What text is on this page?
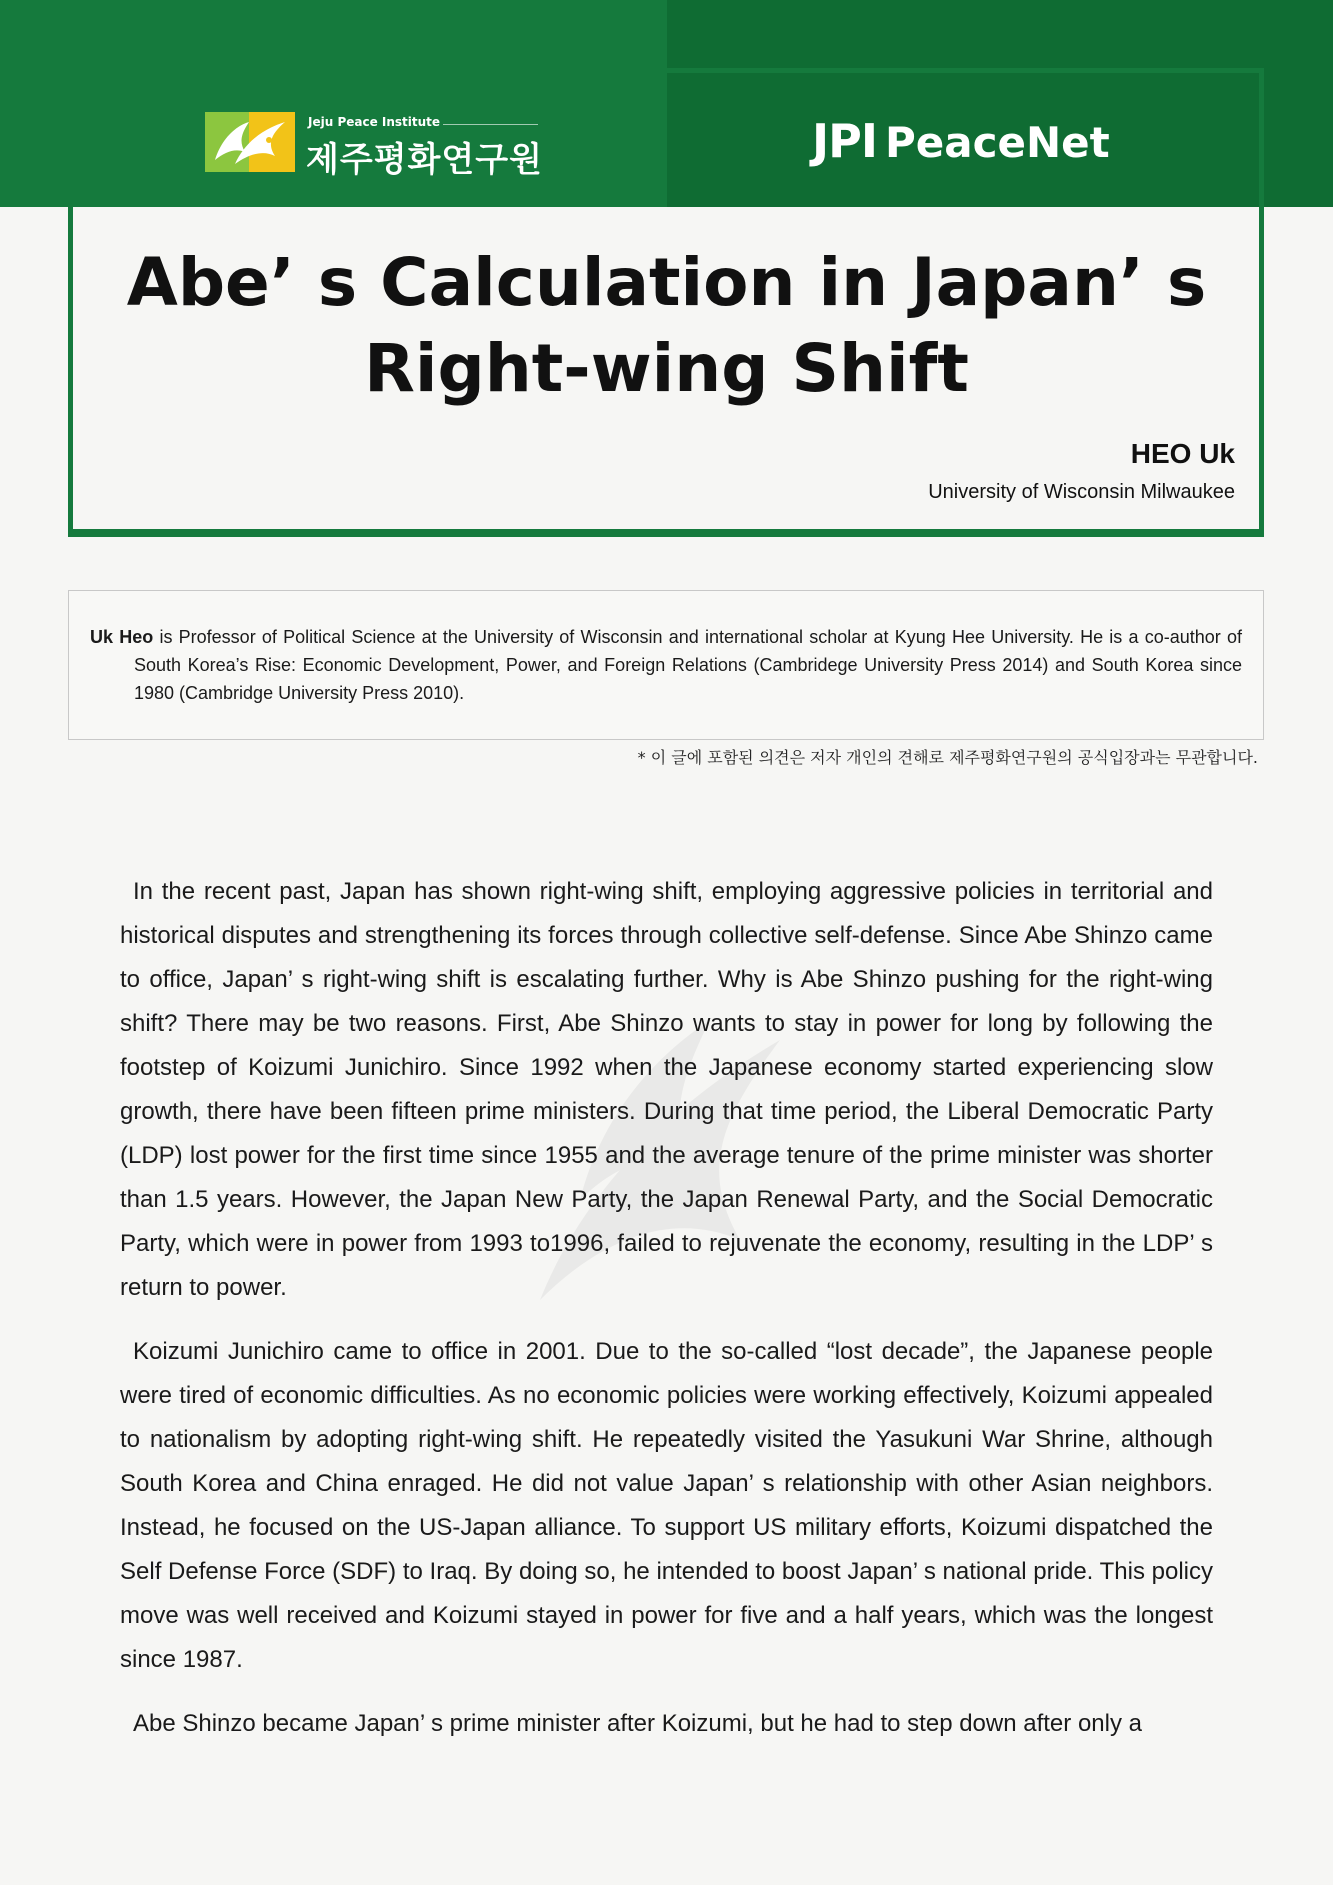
Jeju Peace Institute
제주평화연구원	JPI PeaceNet
Abe’ s Calculation in Japan’ s
Right-wing Shift
HEO Uk
University of Wisconsin Milwaukee
Uk Heo is Professor of Political Science at the University of Wisconsin and international scholar at Kyung Hee University. He is a co-author of South Korea’s Rise: Economic Development, Power, and Foreign Relations (Cambridege University Press 2014) and South Korea since 1980 (Cambridge University Press 2010).
* 이 글에 포함된 의견은 저자 개인의 견해로 제주평화연구원의 공식입장과는 무관합니다.

In the recent past, Japan has shown right-wing shift, employing aggressive policies in territorial and historical disputes and strengthening its forces through collective self-defense. Since Abe Shinzo came to office, Japan’ s right-wing shift is escalating further. Why is Abe Shinzo pushing for the right-wing shift? There may be two reasons. First, Abe Shinzo wants to stay in power for long by following the footstep of Koizumi Junichiro. Since 1992 when the Japanese economy started experiencing slow growth, there have been fifteen prime ministers. During that time period, the Liberal Democratic Party (LDP) lost power for the first time since 1955 and the average tenure of the prime minister was shorter than 1.5 years. However, the Japan New Party, the Japan Renewal Party, and the Social Democratic Party, which were in power from 1993 to1996, failed to rejuvenate the economy, resulting in the LDP’ s return to power.

Koizumi Junichiro came to office in 2001. Due to the so-called “lost decade”, the Japanese people were tired of economic difficulties. As no economic policies were working effectively, Koizumi appealed to nationalism by adopting right-wing shift. He repeatedly visited the Yasukuni War Shrine, although South Korea and China enraged. He did not value Japan’ s relationship with other Asian neighbors. Instead, he focused on the US-Japan alliance. To support US military efforts, Koizumi dispatched the Self Defense Force (SDF) to Iraq. By doing so, he intended to boost Japan’ s national pride. This policy move was well received and Koizumi stayed in power for five and a half years, which was the longest since 1987.

Abe Shinzo became Japan’ s prime minister after Koizumi, but he had to step down after only a
